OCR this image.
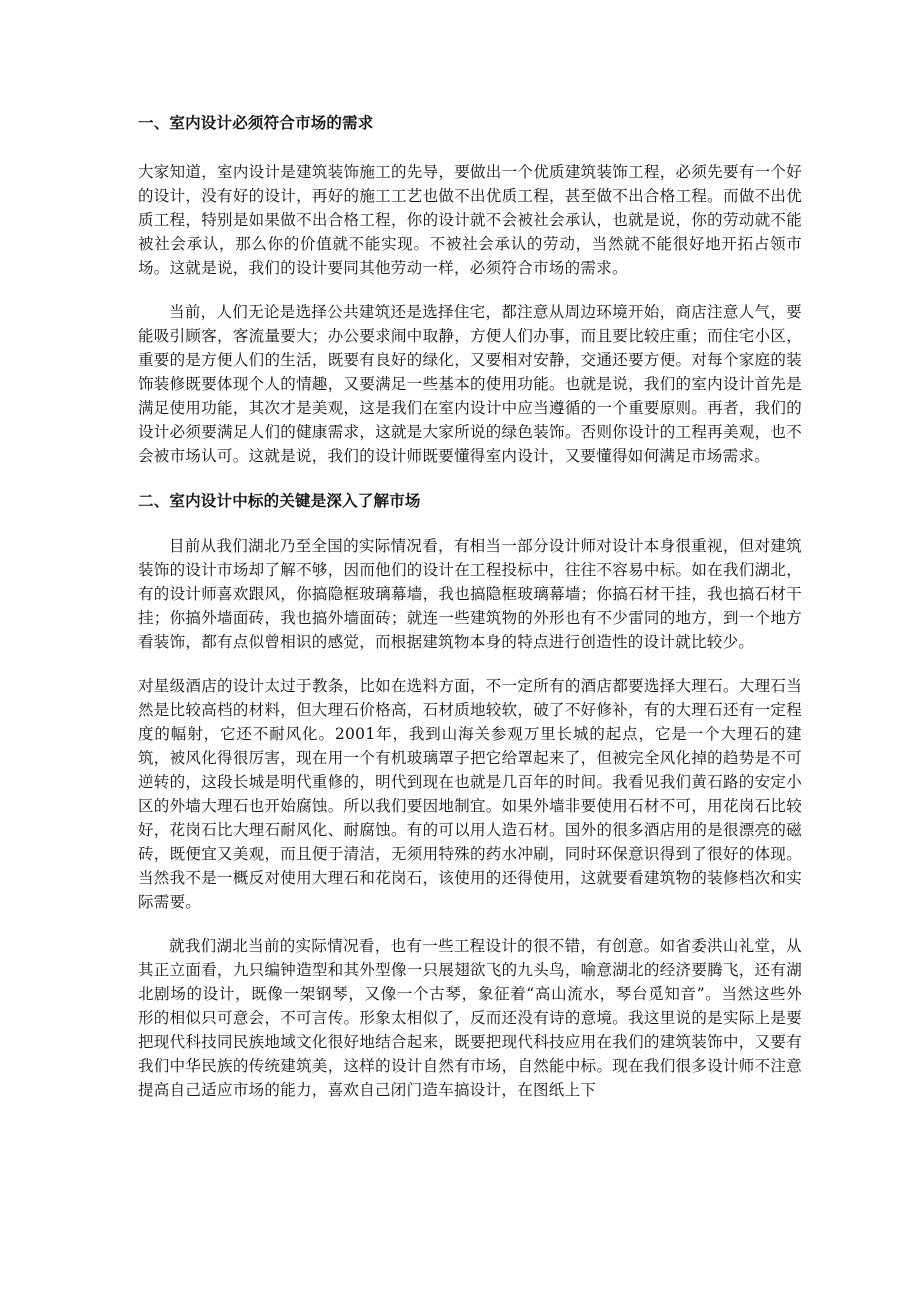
一、室内设计必须符合市场的需求

大家知道，室内设计是建筑装饰施工的先导，要做出一个优质建筑装饰工程，必须先要有一个好的设计，没有好的设计，再好的施工工艺也做不出优质工程，甚至做不出合格工程。而做不出优质工程，特别是如果做不出合格工程，你的设计就不会被社会承认，也就是说，你的劳动就不能被社会承认，那么你的价值就不能实现。不被社会承认的劳动，当然就不能很好地开拓占领市场。这就是说，我们的设计要同其他劳动一样，必须符合市场的需求。

当前，人们无论是选择公共建筑还是选择住宅，都注意从周边环境开始，商店注意人气，要能吸引顾客，客流量要大；办公要求闹中取静，方便人们办事，而且要比较庄重；而住宅小区，重要的是方便人们的生活，既要有良好的绿化，又要相对安静，交通还要方便。对每个家庭的装饰装修既要体现个人的情趣，又要满足一些基本的使用功能。也就是说，我们的室内设计首先是满足使用功能，其次才是美观，这是我们在室内设计中应当遵循的一个重要原则。再者，我们的设计必须要满足人们的健康需求，这就是大家所说的绿色装饰。否则你设计的工程再美观，也不会被市场认可。这就是说，我们的设计师既要懂得室内设计，又要懂得如何满足市场需求。

二、室内设计中标的关键是深入了解市场

目前从我们湖北乃至全国的实际情况看，有相当一部分设计师对设计本身很重视，但对建筑装饰的设计市场却了解不够，因而他们的设计在工程投标中，往往不容易中标。如在我们湖北，有的设计师喜欢跟风，你搞隐框玻璃幕墙，我也搞隐框玻璃幕墙；你搞石材干挂，我也搞石材干挂；你搞外墙面砖，我也搞外墙面砖；就连一些建筑物的外形也有不少雷同的地方，到一个地方看装饰，都有点似曾相识的感觉，而根据建筑物本身的特点进行创造性的设计就比较少。

对星级酒店的设计太过于教条，比如在选料方面，不一定所有的酒店都要选择大理石。大理石当然是比较高档的材料，但大理石价格高，石材质地较软，破了不好修补，有的大理石还有一定程度的幅射，它还不耐风化。2001年，我到山海关参观万里长城的起点，它是一个大理石的建筑，被风化得很厉害，现在用一个有机玻璃罩子把它给罩起来了，但被完全风化掉的趋势是不可逆转的，这段长城是明代重修的，明代到现在也就是几百年的时间。我看见我们黄石路的安定小区的外墙大理石也开始腐蚀。所以我们要因地制宜。如果外墙非要使用石材不可，用花岗石比较好，花岗石比大理石耐风化、耐腐蚀。有的可以用人造石材。国外的很多酒店用的是很漂亮的磁砖，既便宜又美观，而且便于清洁，无须用特殊的药水冲刷，同时环保意识得到了很好的体现。当然我不是一概反对使用大理石和花岗石，该使用的还得使用，这就要看建筑物的装修档次和实际需要。

就我们湖北当前的实际情况看，也有一些工程设计的很不错，有创意。如省委洪山礼堂，从其正立面看，九只编钟造型和其外型像一只展翅欲飞的九头鸟，喻意湖北的经济要腾飞，还有湖北剧场的设计，既像一架钢琴，又像一个古琴，象征着“高山流水，琴台觅知音”。当然这些外形的相似只可意会，不可言传。形象太相似了，反而还没有诗的意境。我这里说的是实际上是要把现代科技同民族地域文化很好地结合起来，既要把现代科技应用在我们的建筑装饰中，又要有我们中华民族的传统建筑美，这样的设计自然有市场，自然能中标。现在我们很多设计师不注意提高自己适应市场的能力，喜欢自己闭门造车搞设计，在图纸上下
